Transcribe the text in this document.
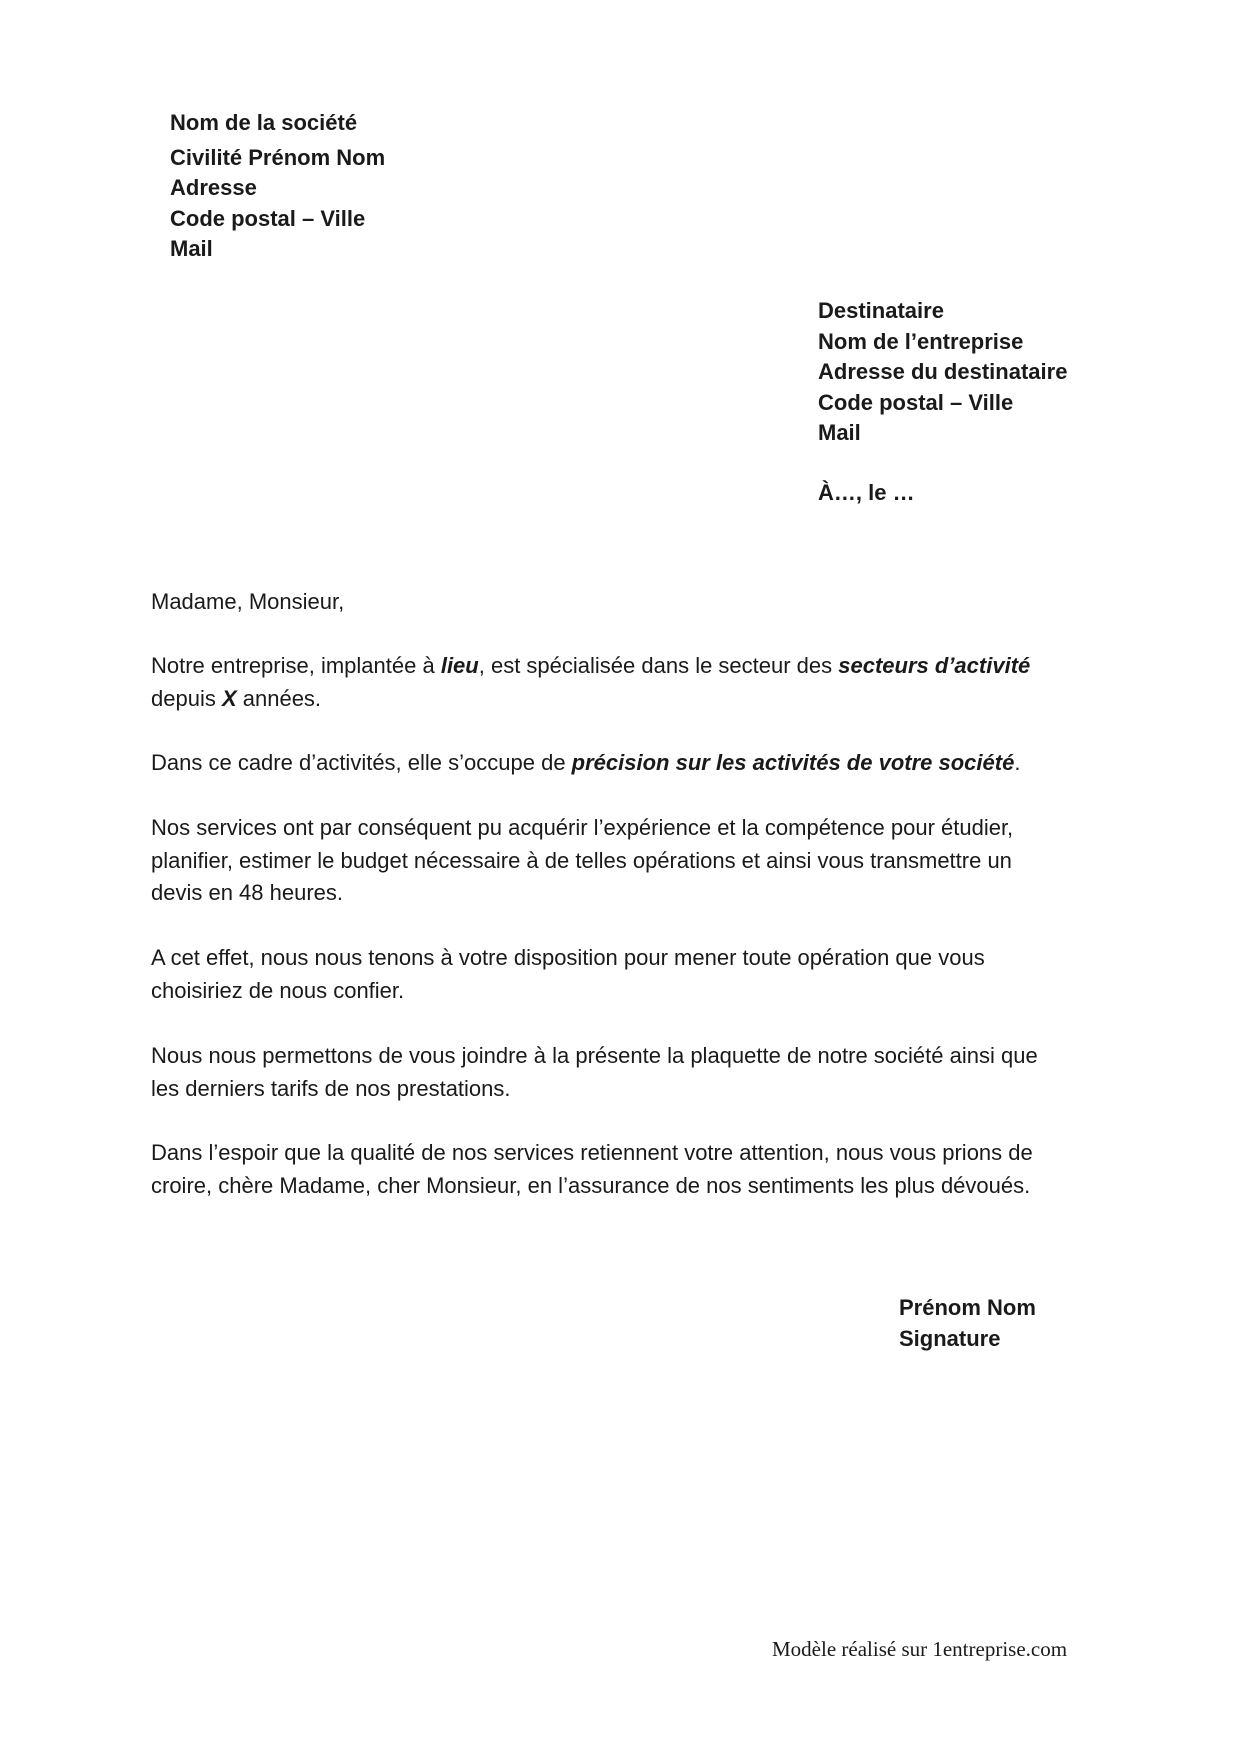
Nom de la société
Civilité Prénom Nom
Adresse
Code postal – Ville
Mail
Destinataire
Nom de l’entreprise
Adresse du destinataire
Code postal – Ville
Mail
À…, le …
Madame, Monsieur,
Notre entreprise, implantée à lieu, est spécialisée dans le secteur des secteurs d’activité
depuis X années.
Dans ce cadre d’activités, elle s’occupe de précision sur les activités de votre société.
Nos services ont par conséquent pu acquérir l’expérience et la compétence pour étudier,
planifier, estimer le budget nécessaire à de telles opérations et ainsi vous transmettre un
devis en 48 heures.
A cet effet, nous nous tenons à votre disposition pour mener toute opération que vous
choisiriez de nous confier.
Nous nous permettons de vous joindre à la présente la plaquette de notre société ainsi que
les derniers tarifs de nos prestations.
Dans l’espoir que la qualité de nos services retiennent votre attention, nous vous prions de
croire, chère Madame, cher Monsieur, en l’assurance de nos sentiments les plus dévoués.
Prénom Nom
Signature
Modèle réalisé sur 1entreprise.com
